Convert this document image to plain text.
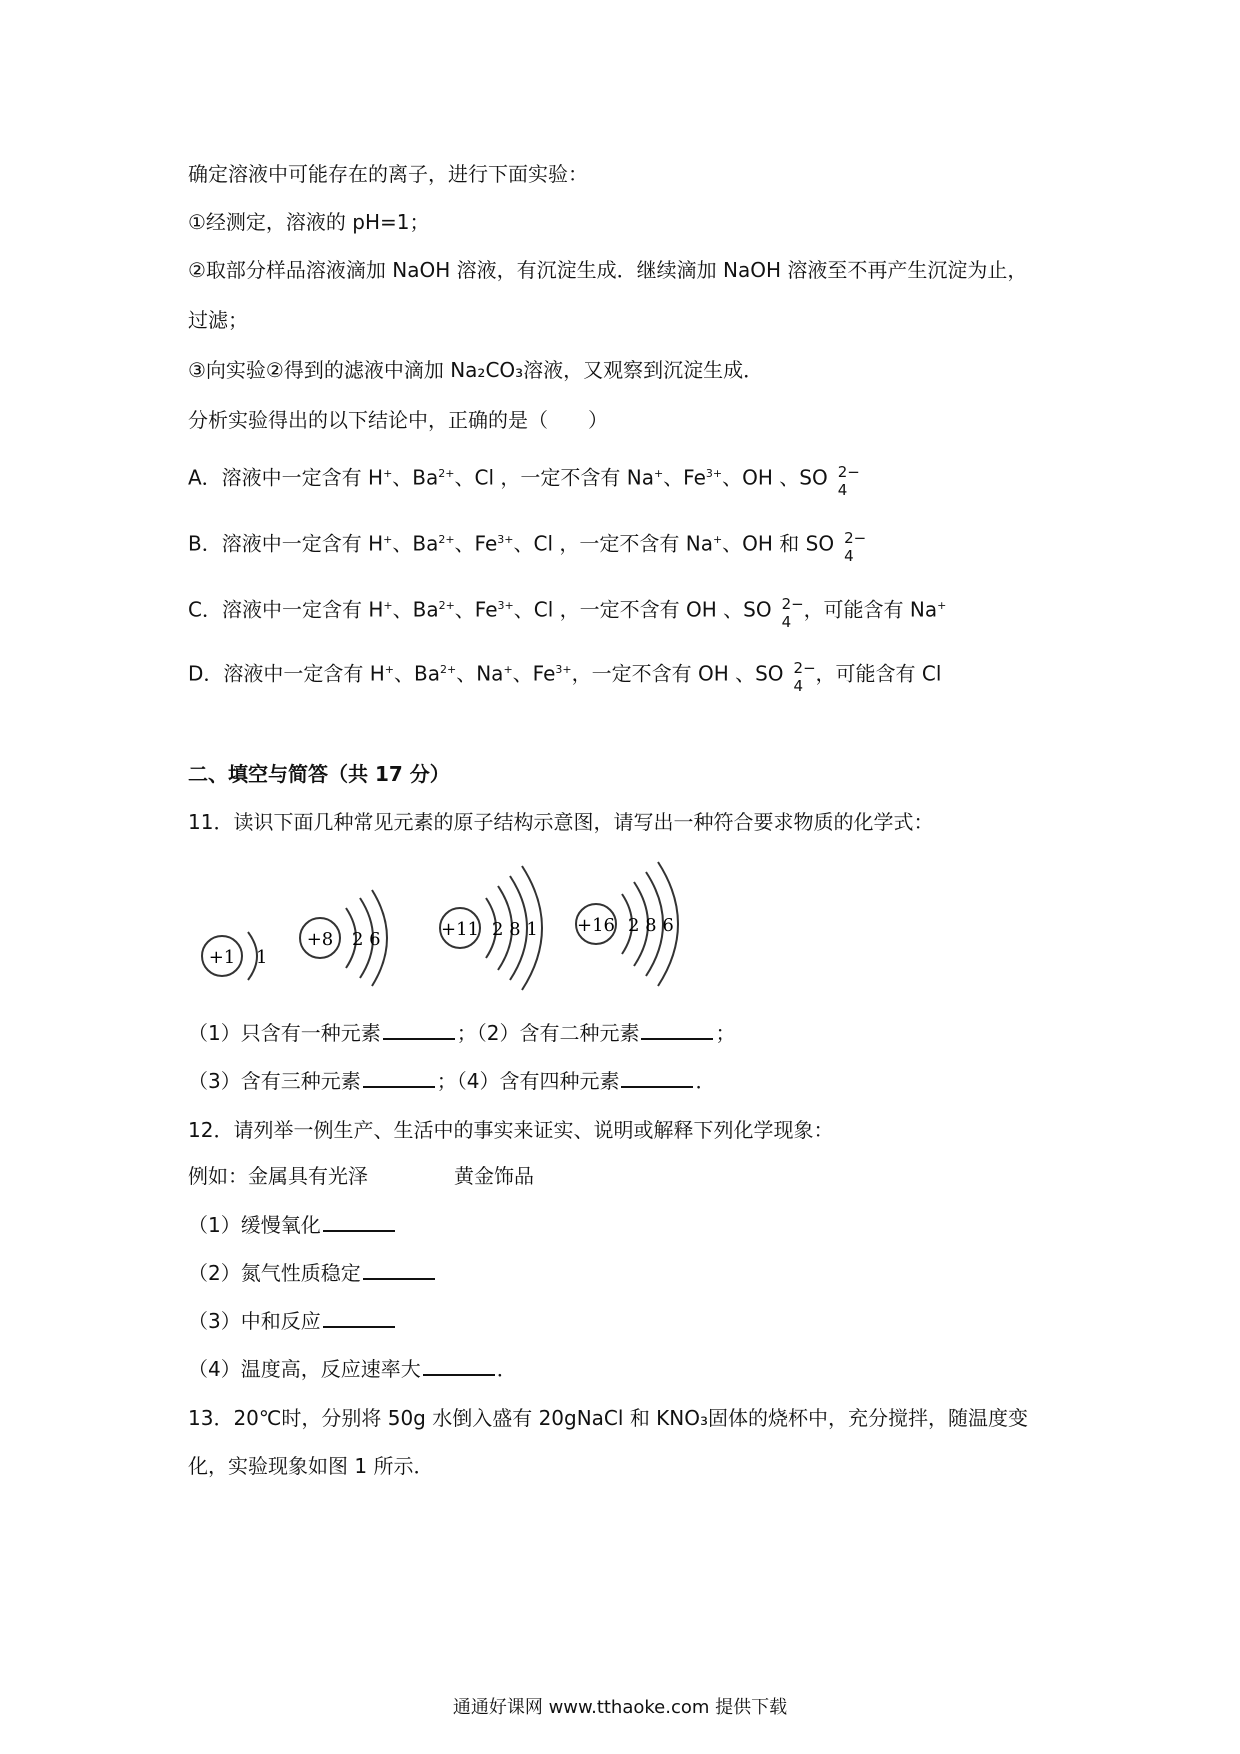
确定溶液中可能存在的离子，进行下面实验：
①经测定，溶液的 pH=1；
②取部分样品溶液滴加 NaOH 溶液，有沉淀生成．继续滴加 NaOH 溶液至不再产生沉淀为止，
过滤；
③向实验②得到的滤液中滴加 Na₂CO₃溶液，又观察到沉淀生成．
分析实验得出的以下结论中，正确的是（　　）
A．溶液中一定含有 H+、$Ba^{2+}$、Cl ，一定不含有 Na+、$Fe^{3+}$、OH 、SO 2−
4
B．溶液中一定含有 H+、$Ba^{2+}$、$Fe^{3+}$、Cl ，一定不含有 Na+、OH 和 SO 2−
4
C．溶液中一定含有 H+、$Ba^{2+}$、$Fe^{3+}$、Cl ，一定不含有 OH 、SO 2−
4
，可能含有 Na+
D．溶液中一定含有 H+、$Ba^{2+}$、Na+、$Fe^{3+}$，一定不含有 OH 、SO 2−
4
，可能含有 Cl
二、填空与简答（共 17 分）
11．读识下面几种常见元素的原子结构示意图，请写出一种符合要求物质的化学式：
+1 1
+8 2 6	+11 2 8 1 +16 2 8 6
（1）只含有一种元素	；（2）含有二种元素	；
（3）含有三种元素	；（4）含有四种元素	．
12．请列举一例生产、生活中的事实来证实、说明或解释下列化学现象：
例如：金属具有光泽	黄金饰品
（1）缓慢氧化
（2）氮气性质稳定
（3）中和反应
（4）温度高，反应速率大	．
13．20℃时，分别将 50g 水倒入盛有 20gNaCl 和 KNO₃固体的烧杯中，充分搅拌，随温度变
化，实验现象如图 1 所示．
通通好课网 www.tthaoke.com 提供下载
